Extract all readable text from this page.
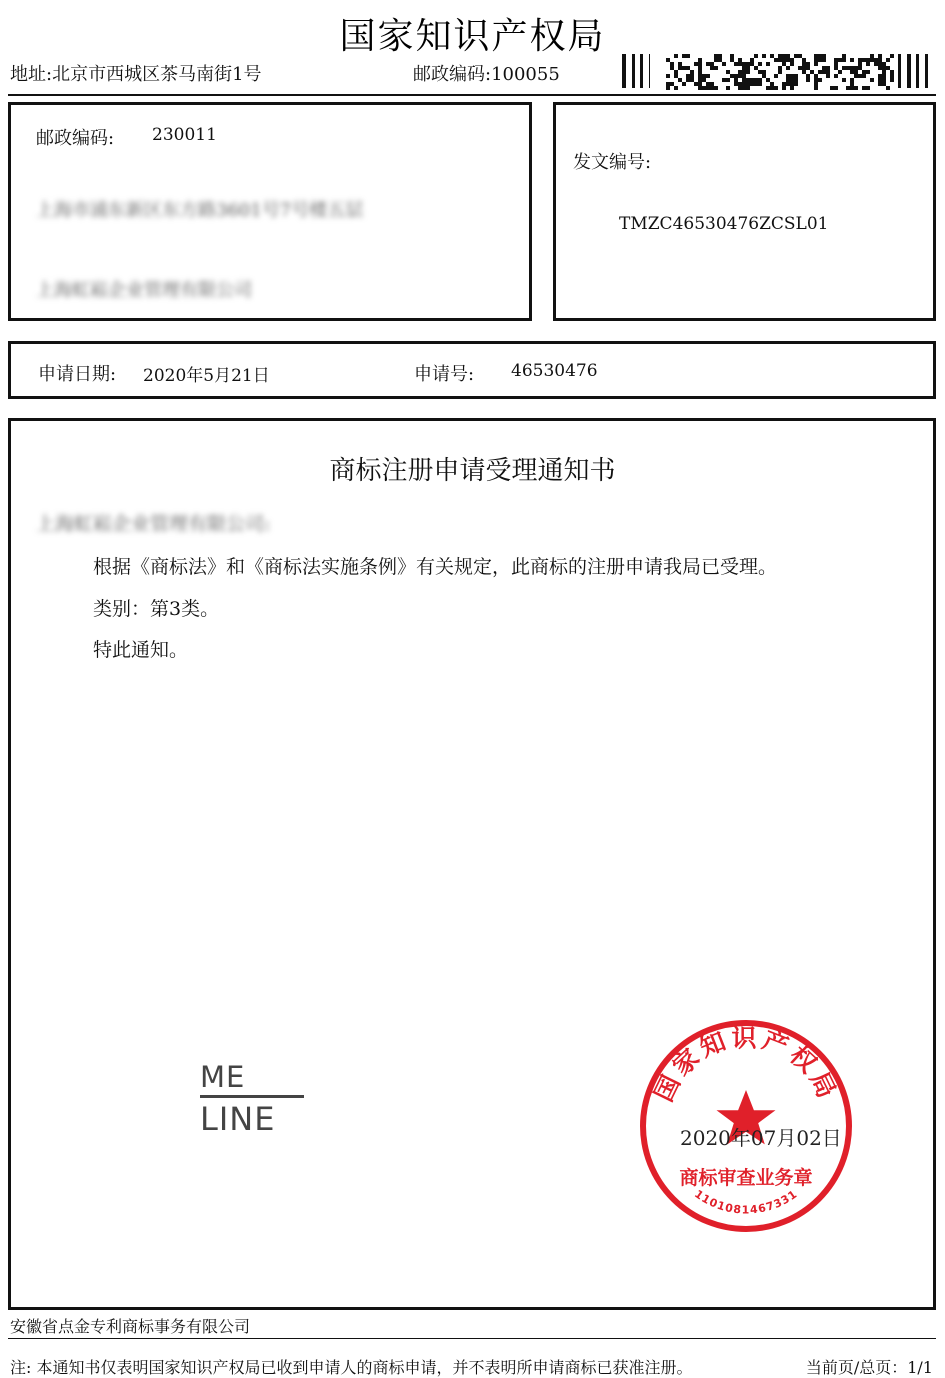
国家知识产权局
地址:北京市西城区茶马南街1号	邮政编码:100055
邮政编码: 230011
上海市浦东新区东方路3601号7号楼五层
上海虹崧企业管理有限公司
发文编号:
TMZC46530476ZCSL01
申请日期: 2020年5月21日	申请号: 46530476
商标注册申请受理通知书
上海虹崧企业管理有限公司:
根据《商标法》和《商标法实施条例》有关规定，此商标的注册申请我局已受理。
类别：第3类。
特此通知。
ME
LINE
国家知识产权局
商标审查业务章
1101081467331
2020年07月02日
安徽省点金专利商标事务有限公司
注: 本通知书仅表明国家知识产权局已收到申请人的商标申请，并不表明所申请商标已获准注册。	当前页/总页：1/1
